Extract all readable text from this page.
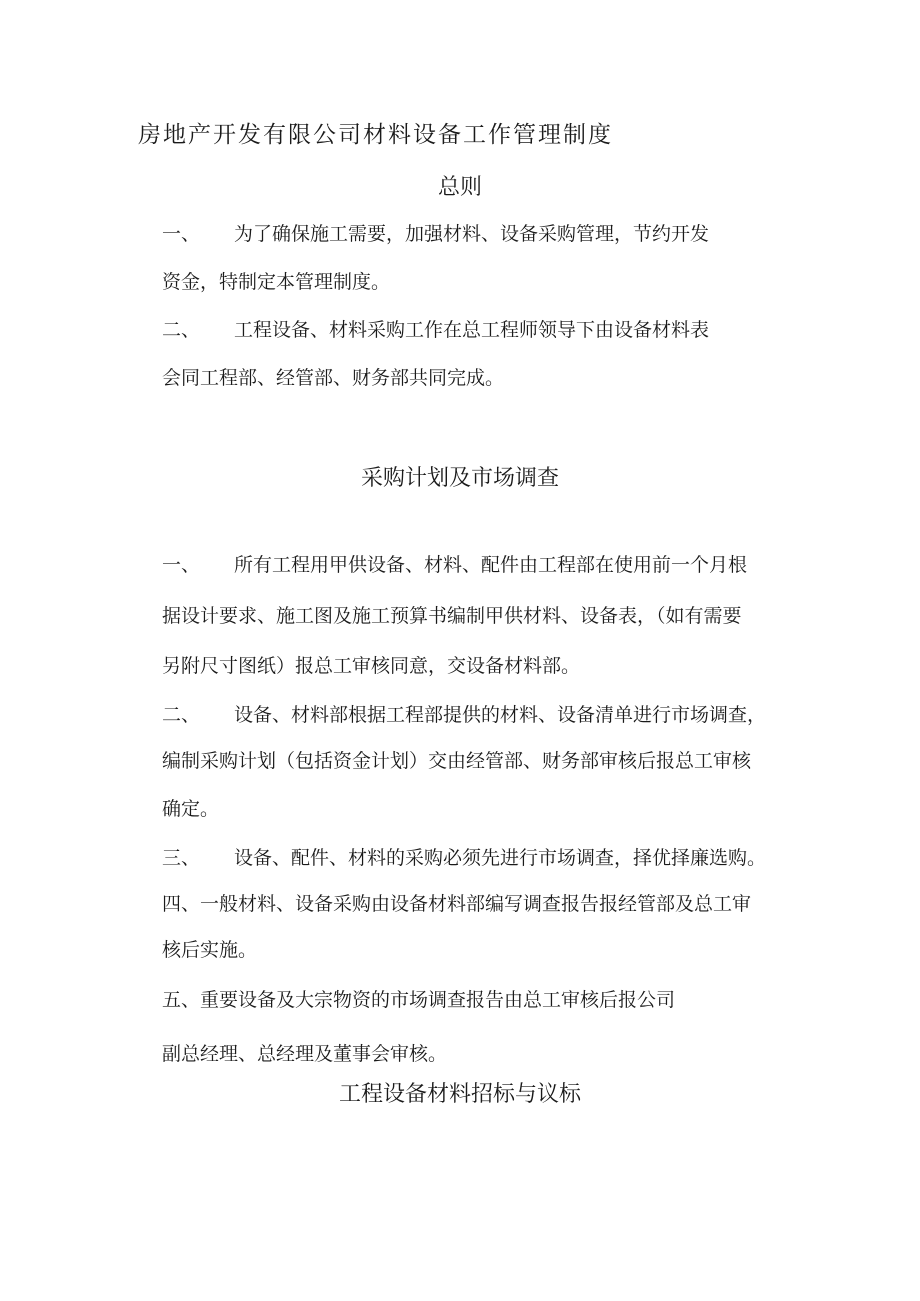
房地产开发有限公司材料设备工作管理制度
总则
一、 为了确保施工需要，加强材料、设备采购管理，节约开发
资金，特制定本管理制度。
二、 工程设备、材料采购工作在总工程师领导下由设备材料表
会同工程部、经管部、财务部共同完成。
采购计划及市场调查
一、 所有工程用甲供设备、材料、配件由工程部在使用前一个月根
据设计要求、施工图及施工预算书编制甲供材料、设备表，（如有需要
另附尺寸图纸）报总工审核同意，交设备材料部。
二、 设备、材料部根据工程部提供的材料、设备清单进行市场调查，
编制采购计划（包括资金计划）交由经管部、财务部审核后报总工审核
确定。
三、 设备、配件、材料的采购必须先进行市场调查，择优择廉选购。
四、一般材料、设备采购由设备材料部编写调查报告报经管部及总工审
核后实施。
五、重要设备及大宗物资的市场调查报告由总工审核后报公司
副总经理、总经理及董事会审核。
工程设备材料招标与议标
